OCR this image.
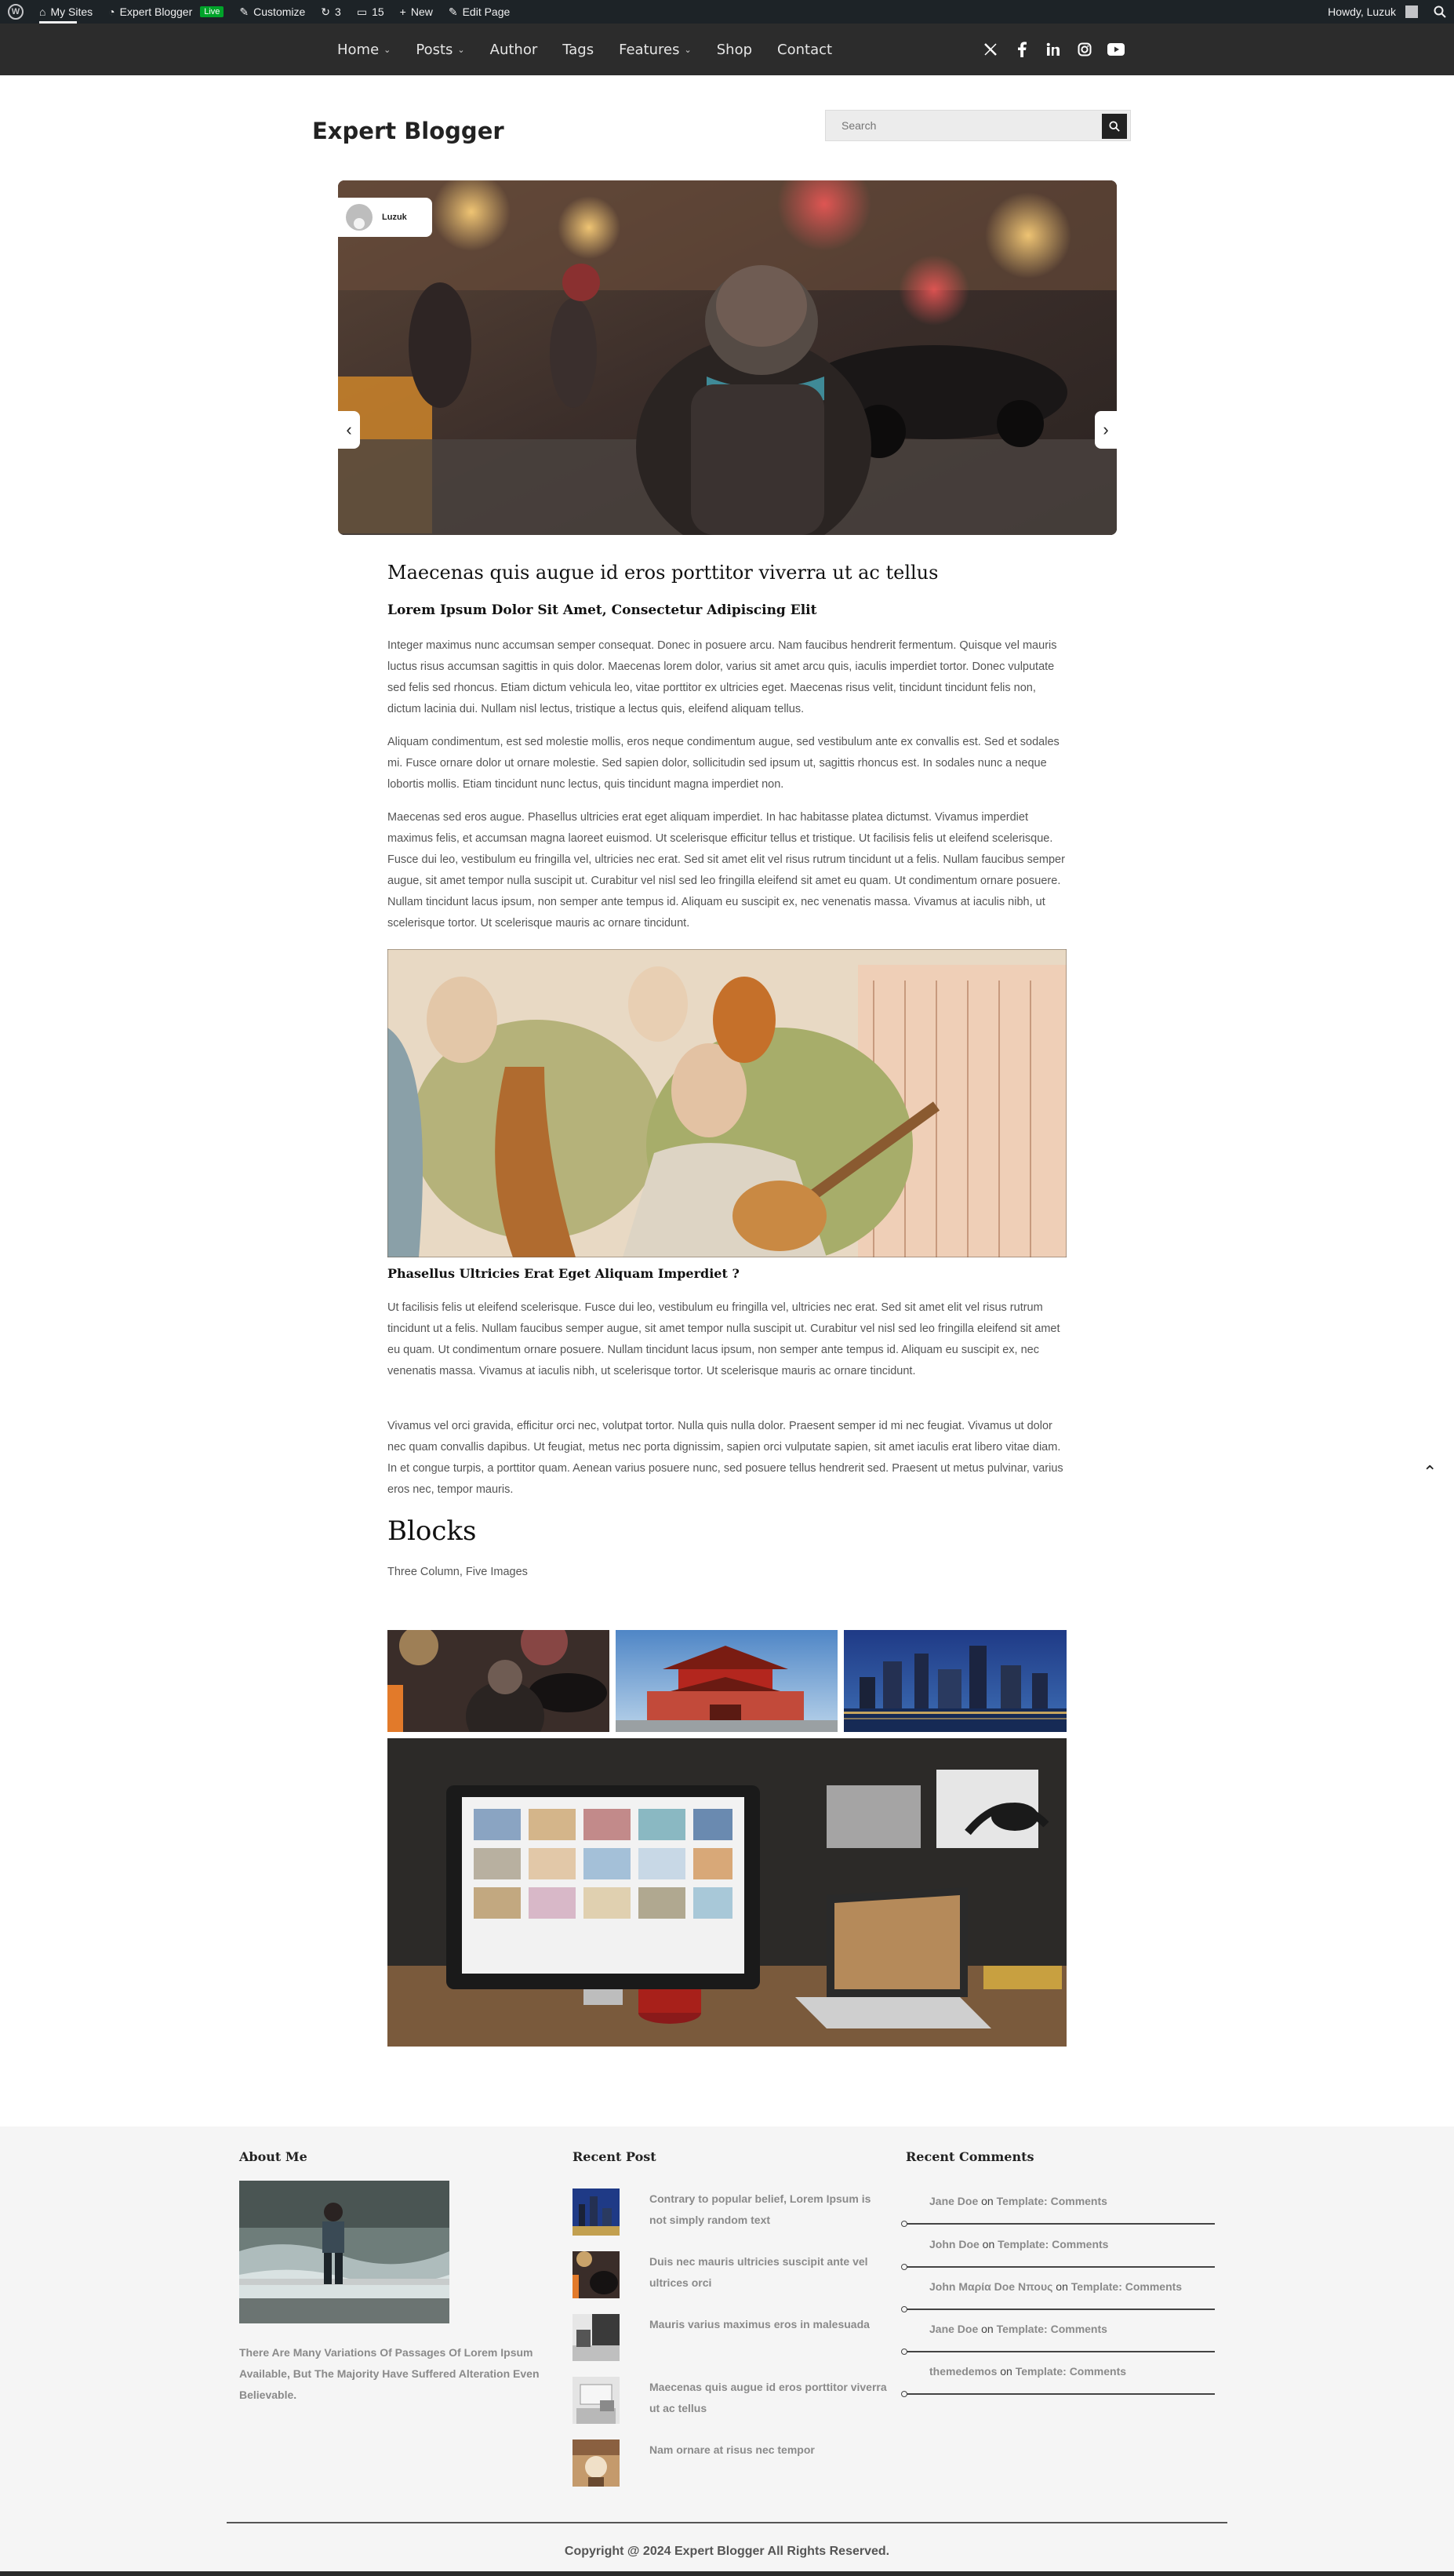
W	⌂ My Sites ◔ Expert Blogger	Live	✎ Customize ↻ 3 ▭ 15 + New ✎ Edit Page	Howdy, Luzuk
Home ⌄ Posts ⌄ Author Tags Features ⌄ Shop Contact
Expert Blogger
Search
Luzuk
‹	›
Maecenas quis augue id eros porttitor viverra ut ac tellus
Lorem Ipsum Dolor Sit Amet, Consectetur Adipiscing Elit
Integer maximus nunc accumsan semper consequat. Donec in posuere arcu. Nam faucibus hendrerit fermentum. Quisque vel mauris luctus risus accumsan sagittis in quis dolor. Maecenas lorem dolor, varius sit amet arcu quis, iaculis imperdiet tortor. Donec vulputate sed felis sed rhoncus. Etiam dictum vehicula leo, vitae porttitor ex ultricies eget. Maecenas risus velit, tincidunt tincidunt felis non, dictum lacinia dui. Nullam nisl lectus, tristique a lectus quis, eleifend aliquam tellus.
Aliquam condimentum, est sed molestie mollis, eros neque condimentum augue, sed vestibulum ante ex convallis est. Sed et sodales mi. Fusce ornare dolor ut ornare molestie. Sed sapien dolor, sollicitudin sed ipsum ut, sagittis rhoncus est. In sodales nunc a neque lobortis mollis. Etiam tincidunt nunc lectus, quis tincidunt magna imperdiet non.
Maecenas sed eros augue. Phasellus ultricies erat eget aliquam imperdiet. In hac habitasse platea dictumst. Vivamus imperdiet maximus felis, et accumsan magna laoreet euismod. Ut scelerisque efficitur tellus et tristique. Ut facilisis felis ut eleifend scelerisque. Fusce dui leo, vestibulum eu fringilla vel, ultricies nec erat. Sed sit amet elit vel risus rutrum tincidunt ut a felis. Nullam faucibus semper augue, sit amet tempor nulla suscipit ut. Curabitur vel nisl sed leo fringilla eleifend sit amet eu quam. Ut condimentum ornare posuere. Nullam tincidunt lacus ipsum, non semper ante tempus id. Aliquam eu suscipit ex, nec venenatis massa. Vivamus at iaculis nibh, ut scelerisque tortor. Ut scelerisque mauris ac ornare tincidunt.
Phasellus Ultricies Erat Eget Aliquam Imperdiet ?
Ut facilisis felis ut eleifend scelerisque. Fusce dui leo, vestibulum eu fringilla vel, ultricies nec erat. Sed sit amet elit vel risus rutrum tincidunt ut a felis. Nullam faucibus semper augue, sit amet tempor nulla suscipit ut. Curabitur vel nisl sed leo fringilla eleifend sit amet eu quam. Ut condimentum ornare posuere. Nullam tincidunt lacus ipsum, non semper ante tempus id. Aliquam eu suscipit ex, nec venenatis massa. Vivamus at iaculis nibh, ut scelerisque tortor. Ut scelerisque mauris ac ornare tincidunt.
Vivamus vel orci gravida, efficitur orci nec, volutpat tortor. Nulla quis nulla dolor. Praesent semper id mi nec feugiat. Vivamus ut dolor nec quam convallis dapibus. Ut feugiat, metus nec porta dignissim, sapien orci vulputate sapien, sit amet iaculis erat libero vitae diam. In et congue turpis, a porttitor quam. Aenean varius posuere nunc, sed posuere tellus hendrerit sed. Praesent ut metus pulvinar, varius eros nec, tempor mauris.
⌃
Blocks
Three Column, Five Images
About Me
There Are Many Variations Of Passages Of Lorem Ipsum Available, But The Majority Have Suffered Alteration Even Believable.
Recent Post
Contrary to popular belief, Lorem Ipsum is not simply random text
Duis nec mauris ultricies suscipit ante vel ultrices orci
Mauris varius maximus eros in malesuada
Maecenas quis augue id eros porttitor viverra ut ac tellus
Nam ornare at risus nec tempor
Recent Comments
Jane Doe on Template: Comments
John Doe on Template: Comments
John Μαρία Doe Νπους on Template: Comments
Jane Doe on Template: Comments
themedemos on Template: Comments
Copyright @ 2024 Expert Blogger All Rights Reserved.
